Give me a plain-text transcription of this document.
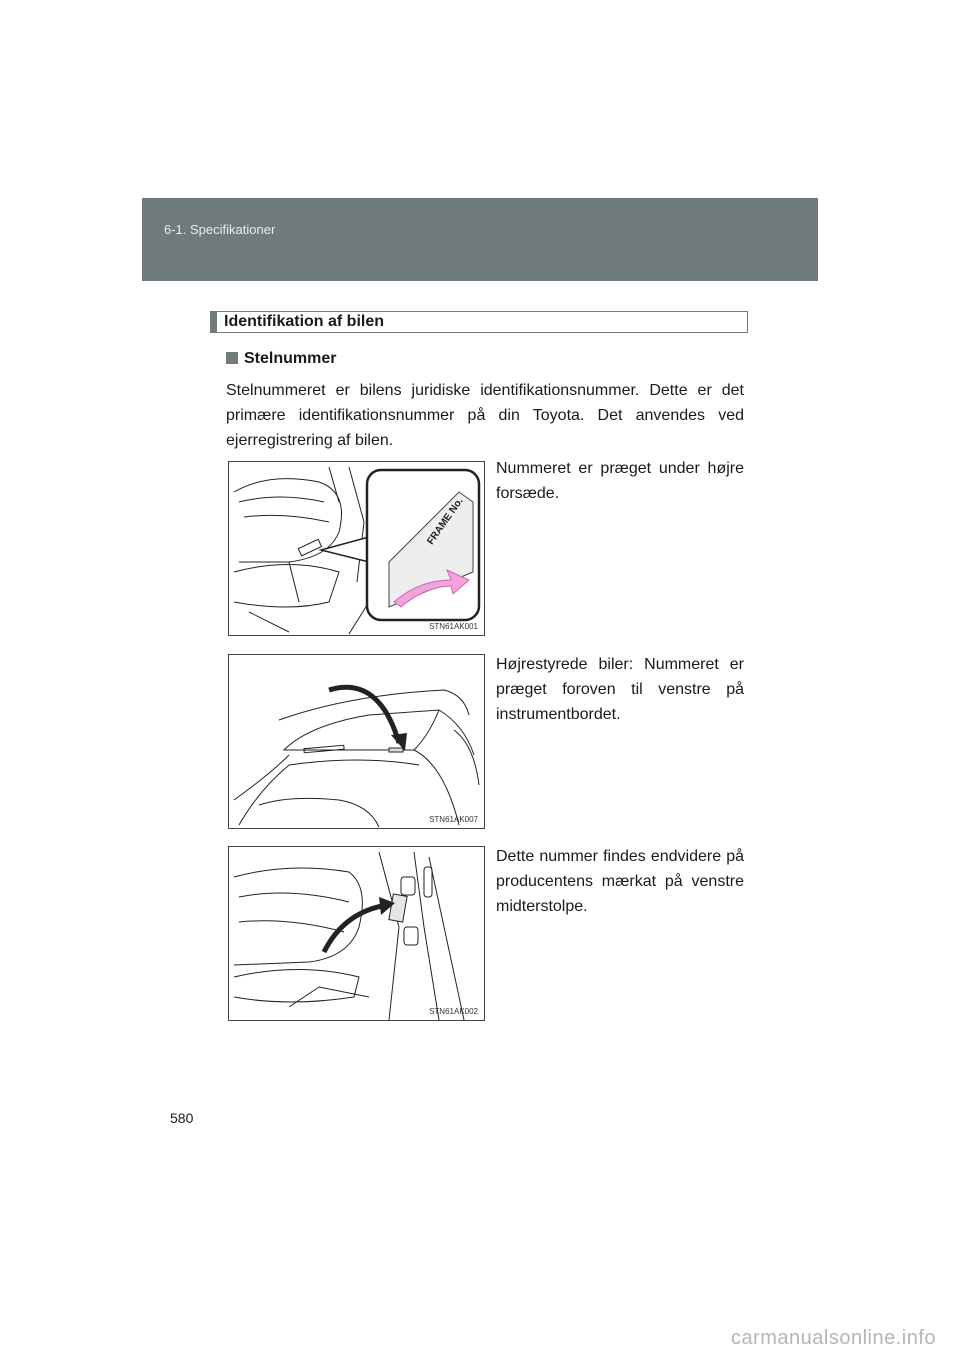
6-1. Specifikationer
Identifikation af bilen
Stelnummer
Stelnummeret er bilens juridiske identifikationsnummer. Dette er det primære identifikationsnummer på din Toyota. Det anvendes ved ejerregistrering af bilen.
FRAME No.
STN61AK001
Nummeret er præget under højre forsæde.
STN61AK007
Højrestyrede biler: Nummeret er præget foroven til venstre på instrumentbordet.
STN61AK002
Dette nummer findes endvidere på producentens mærkat på venstre midterstolpe.
580
carmanualsonline.info
